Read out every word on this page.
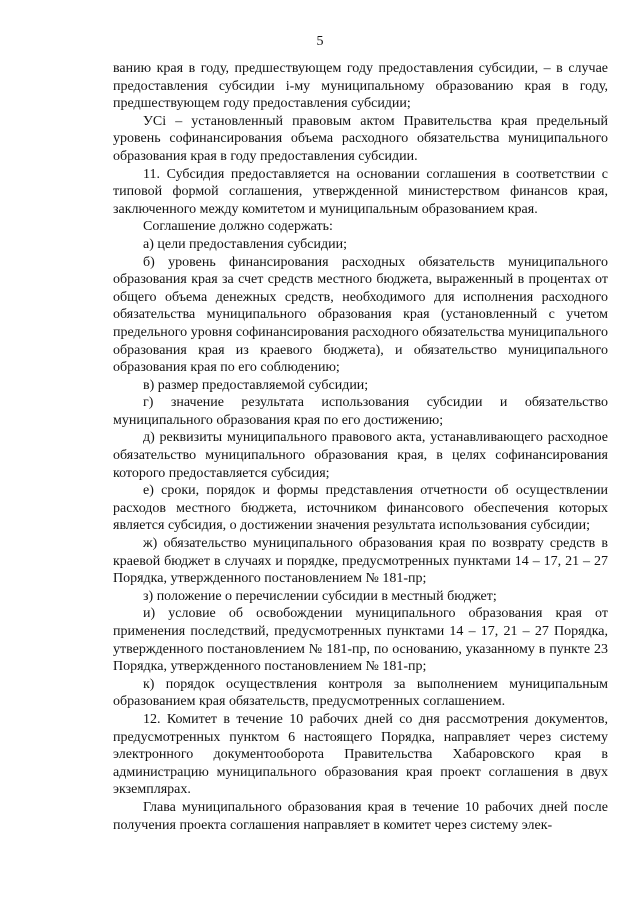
5

ванию края в году, предшествующем году предоставления субсидии, – в случае предоставления субсидии i-му муниципальному образованию края в году, предшествующем году предоставления субсидии;

УСi – установленный правовым актом Правительства края предельный уровень софинансирования объема расходного обязательства муниципального образования края в году предоставления субсидии.

11. Субсидия предоставляется на основании соглашения в соответствии с типовой формой соглашения, утвержденной министерством финансов края, заключенного между комитетом и муниципальным образованием края.

Соглашение должно содержать:

а) цели предоставления субсидии;

б) уровень финансирования расходных обязательств муниципального образования края за счет средств местного бюджета, выраженный в процентах от общего объема денежных средств, необходимого для исполнения расходного обязательства муниципального образования края (установленный с учетом предельного уровня софинансирования расходного обязательства муниципального образования края из краевого бюджета), и обязательство муниципального образования края по его соблюдению;

в) размер предоставляемой субсидии;

г) значение результата использования субсидии и обязательство муниципального образования края по его достижению;

д) реквизиты муниципального правового акта, устанавливающего расходное обязательство муниципального образования края, в целях софинансирования которого предоставляется субсидия;

е) сроки, порядок и формы представления отчетности об осуществлении расходов местного бюджета, источником финансового обеспечения которых является субсидия, о достижении значения результата использования субсидии;

ж) обязательство муниципального образования края по возврату средств в краевой бюджет в случаях и порядке, предусмотренных пунктами 14 – 17, 21 – 27 Порядка, утвержденного постановлением № 181-пр;

з) положение о перечислении субсидии в местный бюджет;

и) условие об освобождении муниципального образования края от применения последствий, предусмотренных пунктами 14 – 17, 21 – 27 Порядка, утвержденного постановлением № 181-пр, по основанию, указанному в пункте 23 Порядка, утвержденного постановлением № 181-пр;

к) порядок осуществления контроля за выполнением муниципальным образованием края обязательств, предусмотренных соглашением.

12. Комитет в течение 10 рабочих дней со дня рассмотрения документов, предусмотренных пунктом 6 настоящего Порядка, направляет через систему электронного документооборота Правительства Хабаровского края в администрацию муниципального образования края проект соглашения в двух экземплярах.

Глава муниципального образования края в течение 10 рабочих дней после получения проекта соглашения направляет в комитет через систему элек-
